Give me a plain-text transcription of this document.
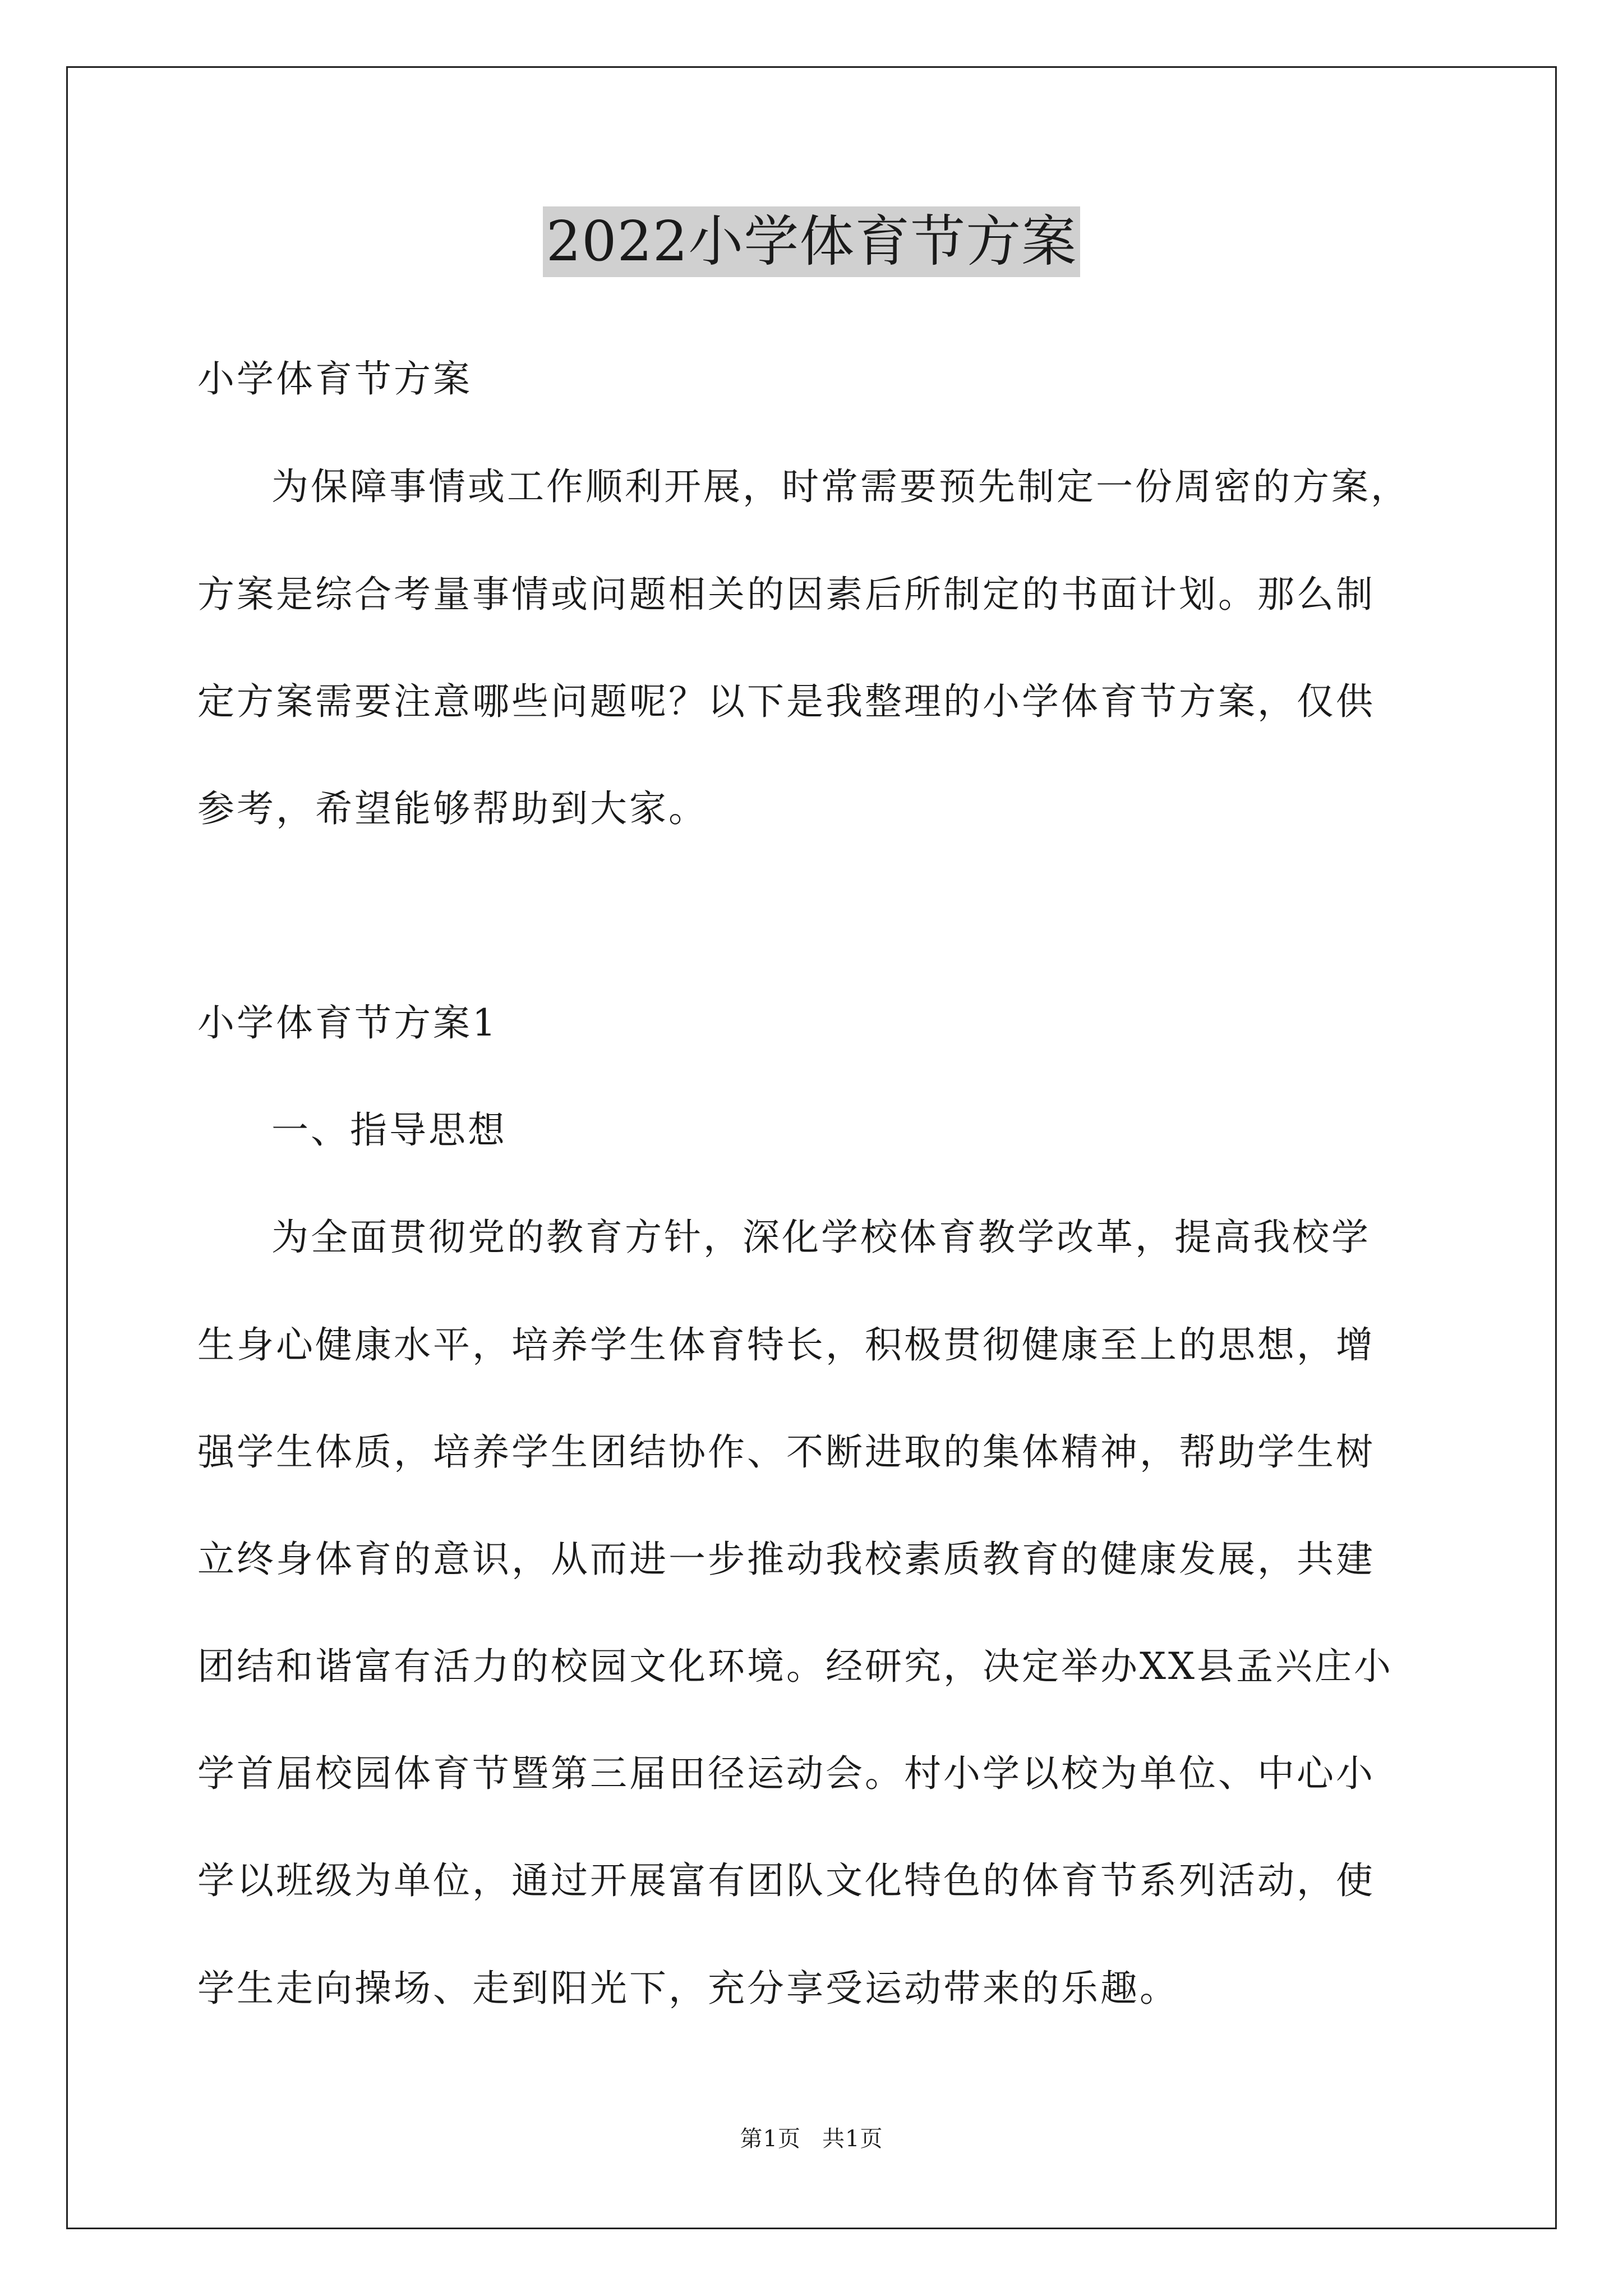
2022小学体育节方案
小学体育节方案
为保障事情或工作顺利开展，时常需要预先制定一份周密的方案，
方案是综合考量事情或问题相关的因素后所制定的书面计划。那么制
定方案需要注意哪些问题呢？以下是我整理的小学体育节方案，仅供
参考，希望能够帮助到大家。
小学体育节方案1
一、指导思想
为全面贯彻党的教育方针，深化学校体育教学改革，提高我校学
生身心健康水平，培养学生体育特长，积极贯彻健康至上的思想，增
强学生体质，培养学生团结协作、不断进取的集体精神，帮助学生树
立终身体育的意识，从而进一步推动我校素质教育的健康发展，共建
团结和谐富有活力的校园文化环境。经研究，决定举办XX县孟兴庄小
学首届校园体育节暨第三届田径运动会。村小学以校为单位、中心小
学以班级为单位，通过开展富有团队文化特色的体育节系列活动，使
学生走向操场、走到阳光下，充分享受运动带来的乐趣。
第1页 共1页
